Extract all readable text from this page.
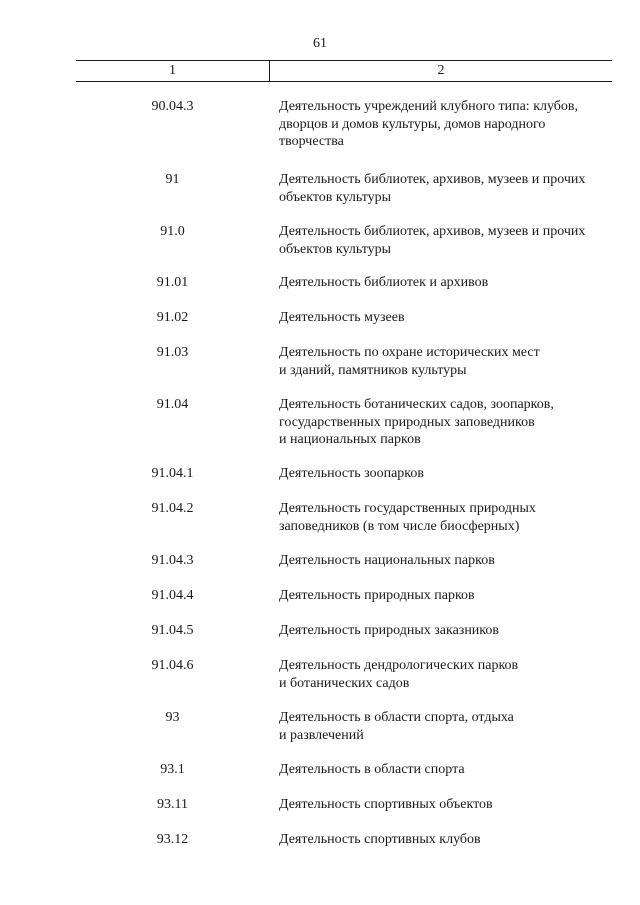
61
1	2
90.04.3	Деятельность учреждений клубного типа: клубов,
дворцов и домов культуры, домов народного
творчества
91	Деятельность библиотек, архивов, музеев и прочих
объектов культуры
91.0	Деятельность библиотек, архивов, музеев и прочих
объектов культуры
91.01	Деятельность библиотек и архивов
91.02	Деятельность музеев
91.03	Деятельность по охране исторических мест
и зданий, памятников культуры
91.04	Деятельность ботанических садов, зоопарков,
государственных природных заповедников
и национальных парков
91.04.1	Деятельность зоопарков
91.04.2	Деятельность государственных природных
заповедников (в том числе биосферных)
91.04.3	Деятельность национальных парков
91.04.4	Деятельность природных парков
91.04.5	Деятельность природных заказников
91.04.6	Деятельность дендрологических парков
и ботанических садов
93	Деятельность в области спорта, отдыха
и развлечений
93.1	Деятельность в области спорта
93.11	Деятельность спортивных объектов
93.12	Деятельность спортивных клубов
